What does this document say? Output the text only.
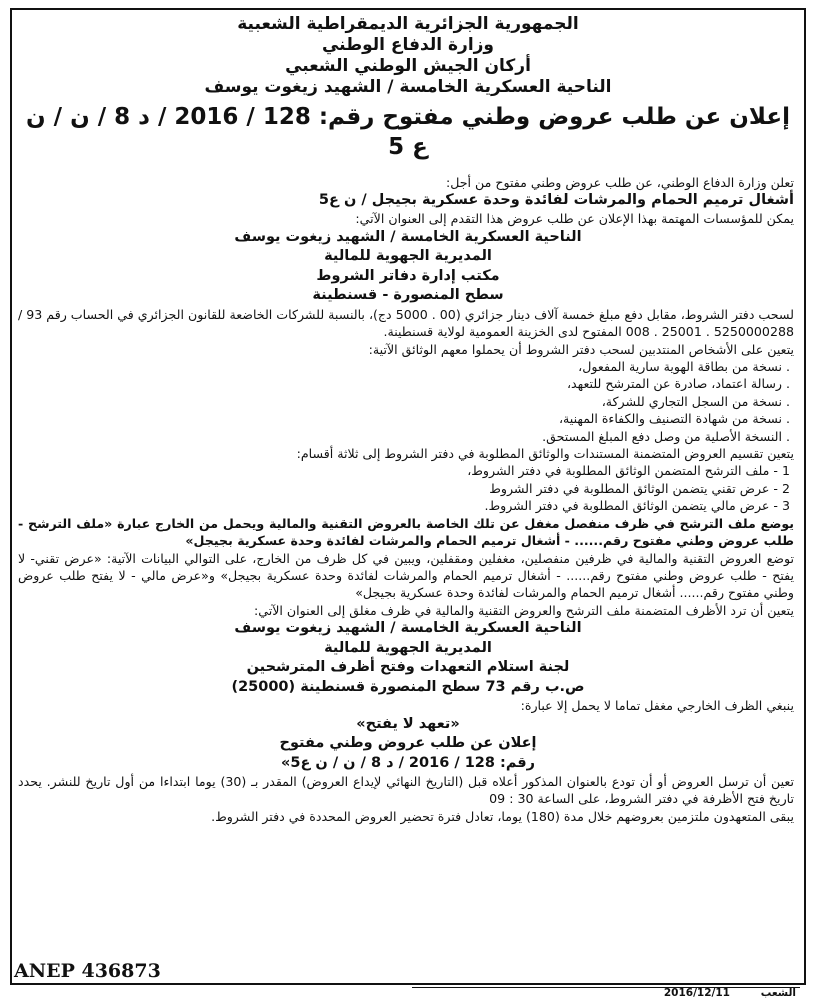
الجمهورية الجزائرية الديمقراطية الشعبية
وزارة الدفاع الوطني
أركان الجيش الوطني الشعبي
الناحية العسكرية الخامسة / الشهيد زيغوت يوسف
إعلان عن طلب عروض وطني مفتوح رقم: 128 / 2016 / د 8 / ن / ن ع 5
تعلن وزارة الدفاع الوطني، عن طلب عروض وطني مفتوح من أجل:
أشغال ترميم الحمام والمرشات لفائدة وحدة عسكرية بجيجل / ن ع5
يمكن للمؤسسات المهتمة بهذا الإعلان عن طلب عروض هذا التقدم إلى العنوان الآتي:
الناحية العسكرية الخامسة / الشهيد زيغوت يوسف
المديرية الجهوية للمالية
مكتب إدارة دفاتر الشروط
سطح المنصورة - قسنطينة
لسحب دفتر الشروط، مقابل دفع مبلغ خمسة آلاف دينار جزائري (00 . 5000 دج)، بالنسبة للشركات الخاضعة للقانون الجزائري في الحساب رقم 93 / 5250000288 . 25001 . 008 المفتوح لدى الخزينة العمومية لولاية قسنطينة.
يتعين على الأشخاص المنتدبين لسحب دفتر الشروط أن يحملوا معهم الوثائق الآتية:
. نسخة من بطاقة الهوية سارية المفعول،
. رسالة اعتماد، صادرة عن المترشح للتعهد،
. نسخة من السجل التجاري للشركة،
. نسخة من شهادة التصنيف والكفاءة المهنية،
. النسخة الأصلية من وصل دفع المبلغ المستحق.
يتعين تقسيم العروض المتضمنة المستندات والوثائق المطلوبة في دفتر الشروط إلى ثلاثة أقسام:
1 - ملف الترشح المتضمن الوثائق المطلوبة في دفتر الشروط،
2 - عرض تقني يتضمن الوثائق المطلوبة في دفتر الشروط
3 - عرض مالي يتضمن الوثائق المطلوبة في دفتر الشروط.
يوضع ملف الترشح في ظرف منفصل مغفل عن تلك الخاصة بالعروض التقنية والمالية ويحمل من الخارج عبارة «ملف الترشح - طلب عروض وطني مفتوح رقم...... - أشغال ترميم الحمام والمرشات لفائدة وحدة عسكرية بجيجل»
توضع العروض التقنية والمالية في ظرفين منفصلين، مغفلين ومقفلين، ويبين في كل ظرف من الخارج، على التوالي البيانات الآتية: «عرض تقني- لا يفتح - طلب عروض وطني مفتوح رقم...... - أشغال ترميم الحمام والمرشات لفائدة وحدة عسكرية بجيجل» و«عرض مالي - لا يفتح طلب عروض وطني مفتوح رقم...... أشغال ترميم الحمام والمرشات لفائدة وحدة عسكرية بجيجل»
يتعين أن ترد الأظرف المتضمنة ملف الترشح والعروض التقنية والمالية في ظرف مغلق إلى العنوان الآتي:
الناحية العسكرية الخامسة / الشهيد زيغوت يوسف
المديرية الجهوية للمالية
لجنة استلام التعهدات وفتح أظرف المترشحين
ص.ب رقم 73 سطح المنصورة قسنطينة (25000)
ينبغي الظرف الخارجي مغفل تماما لا يحمل إلا عبارة:
«تعهد لا يفتح»
إعلان عن طلب عروض وطني مفتوح
رقم: 128 / 2016 / د 8 / ن / ن ع5»
تعين أن ترسل العروض أو أن تودع بالعنوان المذكور أعلاه قبل (التاريخ النهائي لإيداع العروض) المقدر بـ (30) يوما ابتداءا من أول تاريخ للنشر. يحدد تاريخ فتح الأظرفة في دفتر الشروط، على الساعة 30 : 09
يبقى المتعهدون ملتزمين بعروضهم خلال مدة (180) يوما، تعادل فترة تحضير العروض المحددة في دفتر الشروط.
ANEP 436873
الشعب
2016/12/11
